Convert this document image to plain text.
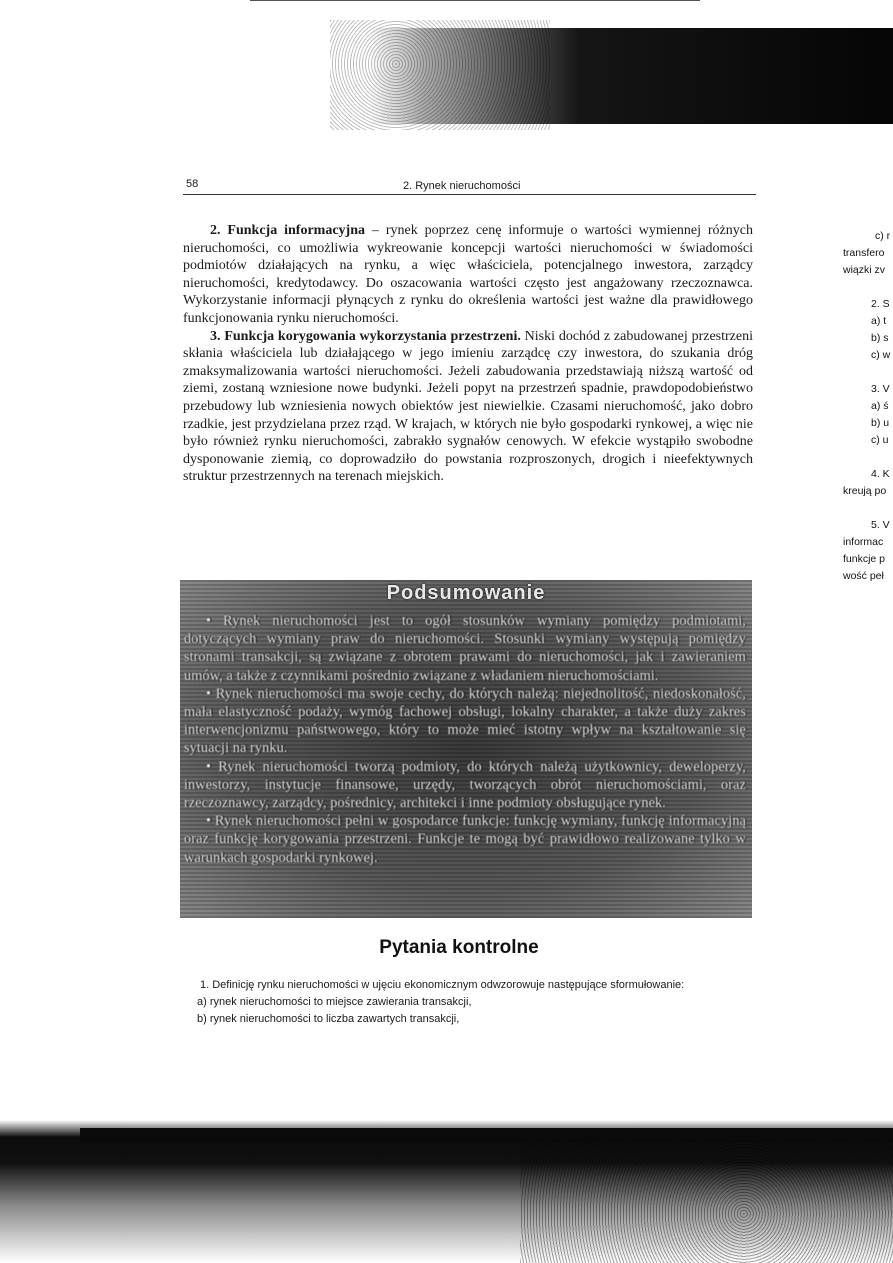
58	2. Rynek nieruchomości

2. Funkcja informacyjna – rynek poprzez cenę informuje o wartości wymiennej różnych nieruchomości, co umożliwia wykreowanie koncepcji wartości nieruchomości w świadomości podmiotów działających na rynku, a więc właściciela, potencjalnego inwestora, zarządcy nieruchomości, kredytodawcy. Do oszacowania wartości często jest angażowany rzeczoznawca. Wykorzystanie informacji płynących z rynku do określenia wartości jest ważne dla prawidłowego funkcjonowania rynku nieruchomości.

3. Funkcja korygowania wykorzystania przestrzeni. Niski dochód z zabudowanej przestrzeni skłania właściciela lub działającego w jego imieniu zarządcę czy inwestora, do szukania dróg zmaksymalizowania wartości nieruchomości. Jeżeli zabudowania przedstawiają niższą wartość od ziemi, zostaną wzniesione nowe budynki. Jeżeli popyt na przestrzeń spadnie, prawdopodobieństwo przebudowy lub wzniesienia nowych obiektów jest niewielkie. Czasami nieruchomość, jako dobro rzadkie, jest przydzielana przez rząd. W krajach, w których nie było gospodarki rynkowej, a więc nie było również rynku nieruchomości, zabrakło sygnałów cenowych. W efekcie wystąpiło swobodne dysponowanie ziemią, co doprowadziło do powstania rozproszonych, drogich i nieefektywnych struktur przestrzennych na terenach miejskich.

Podsumowanie

• Rynek nieruchomości jest to ogół stosunków wymiany pomiędzy podmiotami, dotyczących wymiany praw do nieruchomości. Stosunki wymiany występują pomiędzy stronami transakcji, są związane z obrotem prawami do nieruchomości, jak i zawieraniem umów, a także z czynnikami pośrednio związane z władaniem nieruchomościami.

• Rynek nieruchomości ma swoje cechy, do których należą: niejednolitość, niedoskonałość, mała elastyczność podaży, wymóg fachowej obsługi, lokalny charakter, a także duży zakres interwencjonizmu państwowego, który to może mieć istotny wpływ na kształtowanie się sytuacji na rynku.

• Rynek nieruchomości tworzą podmioty, do których należą użytkownicy, deweloperzy, inwestorzy, instytucje finansowe, urzędy, tworzących obrót nieruchomościami, oraz rzeczoznawcy, zarządcy, pośrednicy, architekci i inne podmioty obsługujące rynek.

• Rynek nieruchomości pełni w gospodarce funkcje: funkcję wymiany, funkcję informacyjną oraz funkcję korygowania przestrzeni. Funkcje te mogą być prawidłowo realizowane tylko w warunkach gospodarki rynkowej.

Pytania kontrolne

1. Definicję rynku nieruchomości w ujęciu ekonomicznym odwzorowuje następujące sformułowanie:

a) rynek nieruchomości to miejsce zawierania transakcji,

b) rynek nieruchomości to liczba zawartych transakcji,

c) r
transfero
wiązki zv
2. S
a) t
b) s
c) w
3. V
a) ś
b) u
c) u
4. K
kreują po
5. V
informac
funkcje p
wość peł
